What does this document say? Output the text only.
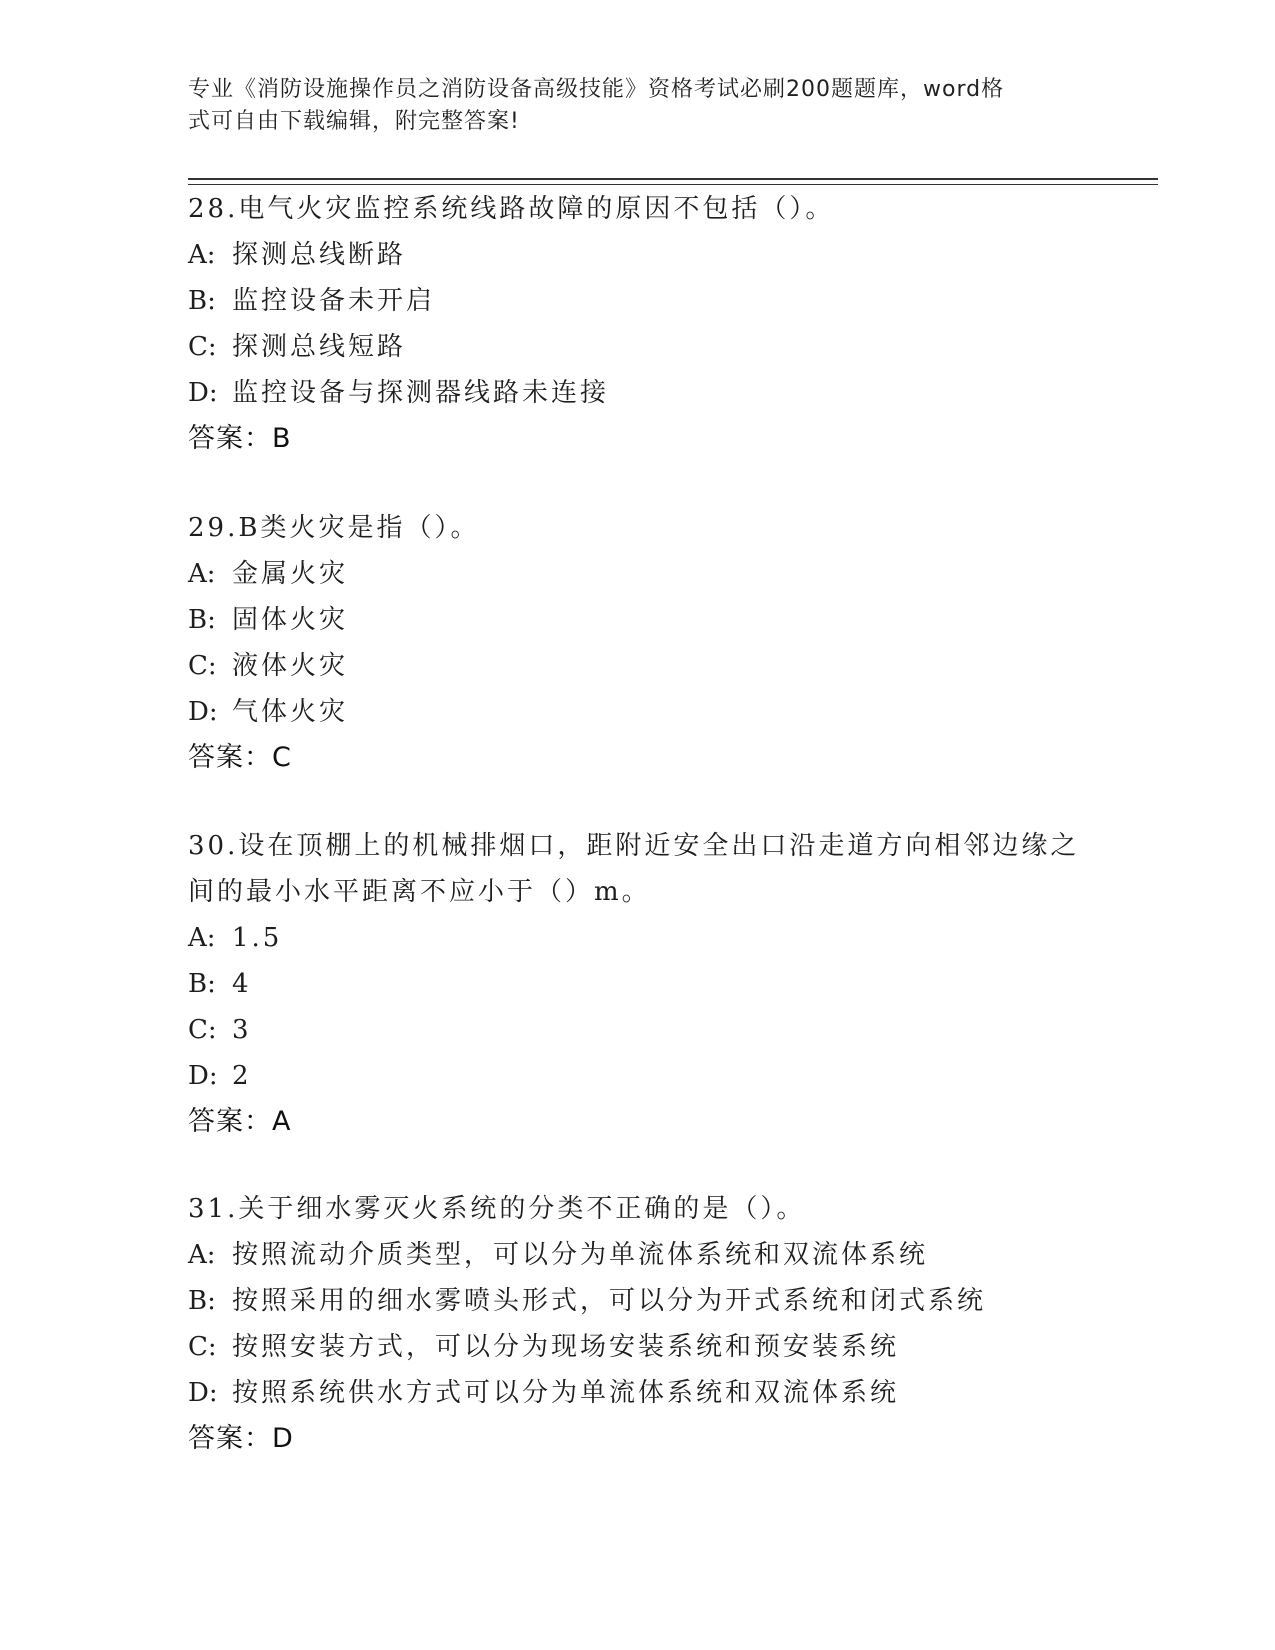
专业《消防设施操作员之消防设备高级技能》资格考试必刷200题题库，word格
式可自由下载编辑，附完整答案!

28.电气火灾监控系统线路故障的原因不包括（）。

A: 探测总线断路

B: 监控设备未开启

C: 探测总线短路

D: 监控设备与探测器线路未连接

答案：B

29.B类火灾是指（）。

A: 金属火灾

B: 固体火灾

C: 液体火灾

D: 气体火灾

答案：C

30.设在顶棚上的机械排烟口，距附近安全出口沿走道方向相邻边缘之

间的最小水平距离不应小于（）m。

A: 1.5

B: 4

C: 3

D: 2

答案：A

31.关于细水雾灭火系统的分类不正确的是（）。

A: 按照流动介质类型，可以分为单流体系统和双流体系统

B: 按照采用的细水雾喷头形式，可以分为开式系统和闭式系统

C: 按照安装方式，可以分为现场安装系统和预安装系统

D: 按照系统供水方式可以分为单流体系统和双流体系统

答案：D
